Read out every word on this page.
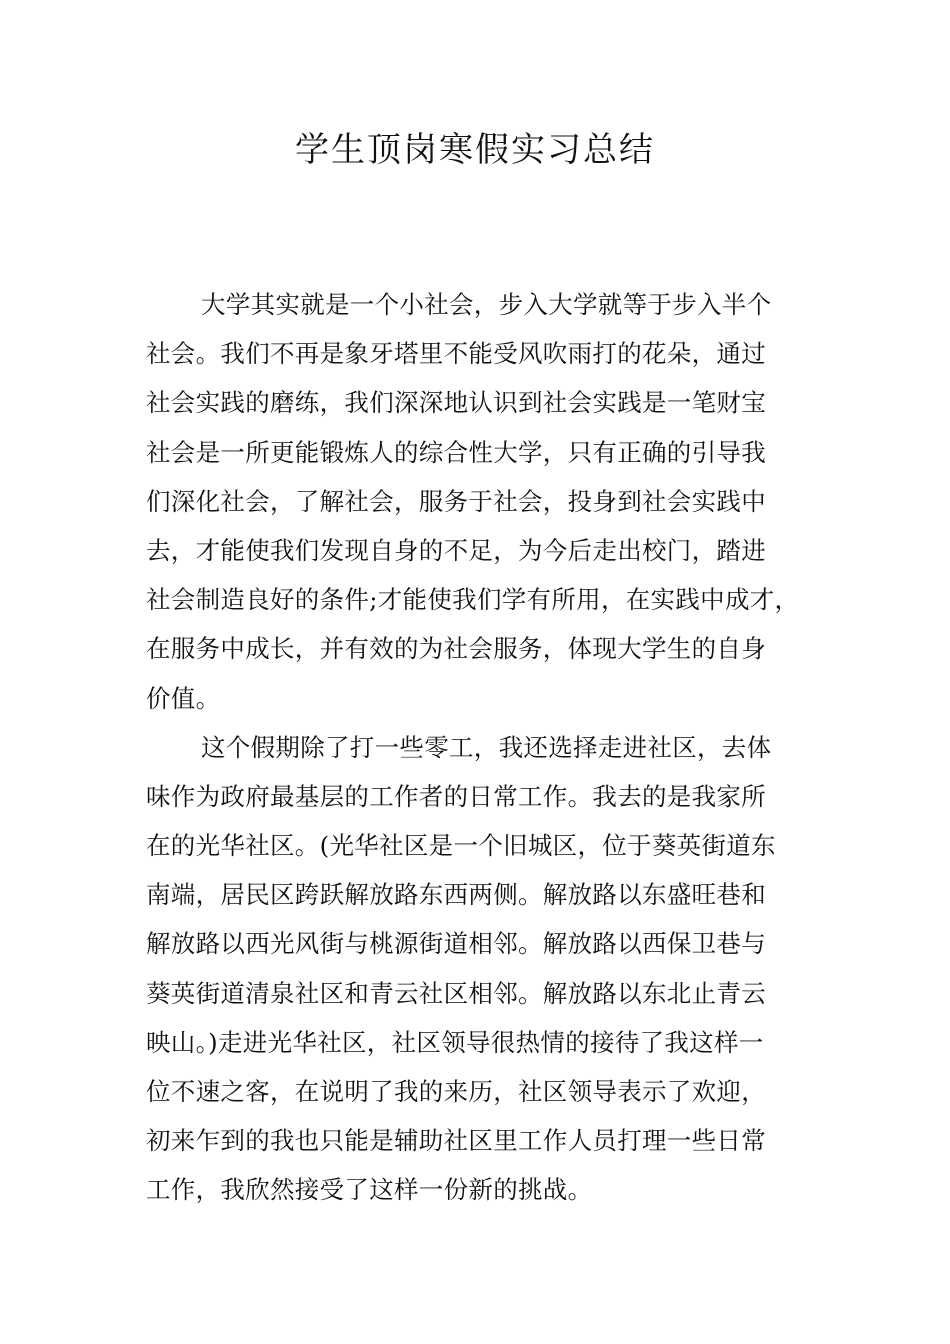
学生顶岗寒假实习总结
大学其实就是一个小社会，步入大学就等于步入半个
社会。我们不再是象牙塔里不能受风吹雨打的花朵，通过
社会实践的磨练，我们深深地认识到社会实践是一笔财宝
社会是一所更能锻炼人的综合性大学，只有正确的引导我
们深化社会，了解社会，服务于社会，投身到社会实践中
去，才能使我们发现自身的不足，为今后走出校门，踏进
社会制造良好的条件;才能使我们学有所用，在实践中成才，
在服务中成长，并有效的为社会服务，体现大学生的自身
价值。
这个假期除了打一些零工，我还选择走进社区，去体
味作为政府最基层的工作者的日常工作。我去的是我家所
在的光华社区。(光华社区是一个旧城区，位于葵英街道东
南端，居民区跨跃解放路东西两侧。解放路以东盛旺巷和
解放路以西光风街与桃源街道相邻。解放路以西保卫巷与
葵英街道清泉社区和青云社区相邻。解放路以东北止青云
映山。)走进光华社区，社区领导很热情的接待了我这样一
位不速之客，在说明了我的来历，社区领导表示了欢迎，
初来乍到的我也只能是辅助社区里工作人员打理一些日常
工作，我欣然接受了这样一份新的挑战。
